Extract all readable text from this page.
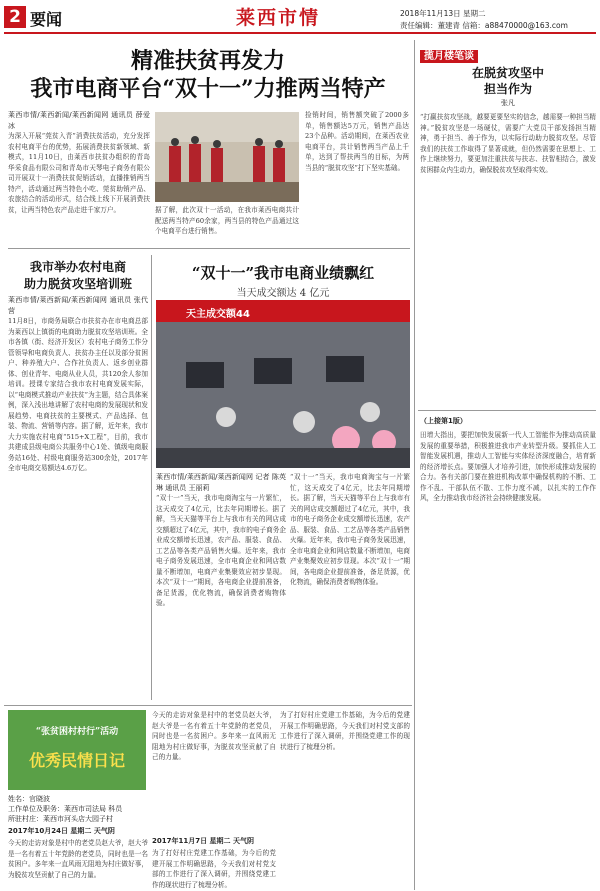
2 要闻	莱西市情	2018年11月13日 星期二
责任编辑：董建青 信箱：a88470000@163.com
精准扶贫再发力
我市电商平台“双十一”力推两当特产
莱西市情/莱西新闻/莱西新闻网 通讯员 薛爱冰
为深入开展“莞贫入青”消费扶贫活动，充分发挥农村电商平台的优势，拓展消费扶贫新领域、新模式，11月10日，由莱西市扶贫办组织的青岛华采食品有限公司和青岛市天琴电子商务有限公司开展双十一消费扶贫促销活动，直播推销两当特产，活动通过两当特色小吃、莞贫助销产品、农旅结合的活动形式，结合线上线下开展消费扶贫，让两当特色农产品走进千家万户。	据了解，此次双十一活动，在我市莱西电商共计配送两当特产60余家，两当县的特色产品通过这个电商平台进行销售。
捡销时间，销售额突破了2000多单，销售额达5万元，销售产品达23个品种。活动期间，在莱西农业电商平台，共计销售两当产品上千单，达到了帮扶两当的目标，为两当县的“脱贫攻坚”打下坚实基础。
我市举办农村电商
助力脱贫攻坚培训班
莱西市情/莱西新闻/莱西新闻网 通讯员 张代营
11月8日，市商务局联合市扶贫办在市电商总部为莱西以上镇街的电商助力脱贫攻坚培训班。全市各镇（街、经济开发区）农村电子商务工作分管领导和电商负责人、扶贫办主任以及部分贫困户、种养殖大户、合作社负责人、返乡创业群体、创业青年、电商从业人员，共120余人参加培训。授课专家结合我市农村电商发展实际，以“电商模式推动产业扶贫”为主题，结合具体案例，深入浅出地讲解了农村电商的发展现状和发展趋势、电商扶贫的主要模式、产品选择、包装、物流、营销等内容。据了解，近年来，我市大力实施农村电商“515+X工程”，目前，我市共建成县级电商公共服务中心1处、镇级电商服务站16处、村级电商服务站300余处，2017年全市电商交易额达4.6万亿。
“双十一”我市电商业绩飘红
当天成交额达 4 亿元
天主成交额44
莱西市情/莱西新闻/莱西新闻网 记者 陈英琳 通讯员 王丽莉
“双十一”当天，我市电商淘宝与一片繁忙，这天成交了4亿元，比去年同期增长。据了解，当天天猫等平台上与我市有关的网店成交额超过了4亿元，其中，我市的电子商务企业成交额增长迅速，农产品、服装、食品、工艺品等各类产品销售火爆。近年来，我市电子商务发展迅速，全市电商企业和网店数量不断增加，电商产业集聚效应初步显现。本次“双十一”期间，各电商企业提前准备，备足货源，优化物流，确保消费者购物体验。
“双十一”当天，我市电商淘宝与一片繁忙，这天成交了4亿元，比去年同期增长。据了解，当天天猫等平台上与我市有关的网店成交额超过了4亿元，其中，我市的电子商务企业成交额增长迅速，农产品、服装、食品、工艺品等各类产品销售火爆。近年来，我市电子商务发展迅速，全市电商企业和网店数量不断增加，电商产业集聚效应初步显现。本次“双十一”期间，各电商企业提前准备，备足货源，优化物流，确保消费者购物体验。
揽月楼笔谈
在脱贫攻坚中
担当作为
张凡
“打赢扶贫攻坚战，越要更要坚实的信念，越需要一种担当精神。”脱贫攻坚是一场硬仗，需要广大党员干部发扬担当精神，勇于担当、善于作为，以实际行动助力脱贫攻坚。尽管我们的扶贫工作取得了显著成就，但仍然需要在思想上、工作上继续努力，要更加注重扶贫与扶志、扶智相结合，激发贫困群众内生动力，确保脱贫攻坚取得实效。
（上接第1版）
田增大指出，要把加快发展新一代人工智能作为推动高质量发展的重要举措，积极推进我市产业转型升级。要抓住人工智能发展机遇，推动人工智能与实体经济深度融合，培育新的经济增长点。要加强人才培养引进，加快形成推动发展的合力。各有关部门要在推进机构改革中确保机构的不断、工作不乱、干部队伍不散、工作力度不减，以扎实的工作作风，全力推动我市经济社会持续健康发展。
“张贫困村村行”活动
优秀民情日记
姓名：官晓波
工作单位及职务：莱西市司法局 科员
所驻村庄：莱西市河头店大园子村
2017年10月24日 星期二 天气阴
今天的走访对象是村中的老党员赵大爷，赵大爷是一名有着五十年党龄的老党员，同时也是一名贫困户。多年来一直风雨无阻地为村庄做好事，为脱贫攻坚贡献了自己的力量。
今天的走访对象是村中的老党员赵大爷，赵大爷是一名有着五十年党龄的老党员，同时也是一名贫困户。多年来一直风雨无阻地为村庄做好事，为脱贫攻坚贡献了自己的力量。
2017年11月7日 星期二 天气阴
为了打好村庄党建工作基础，为今后的党建开展工作明确思路，今天我们对村党支部的工作进行了深入调研，并围绕党建工作的现状进行了梳理分析。
为了打好村庄党建工作基础，为今后的党建开展工作明确思路，今天我们对村党支部的工作进行了深入调研，并围绕党建工作的现状进行了梳理分析。
